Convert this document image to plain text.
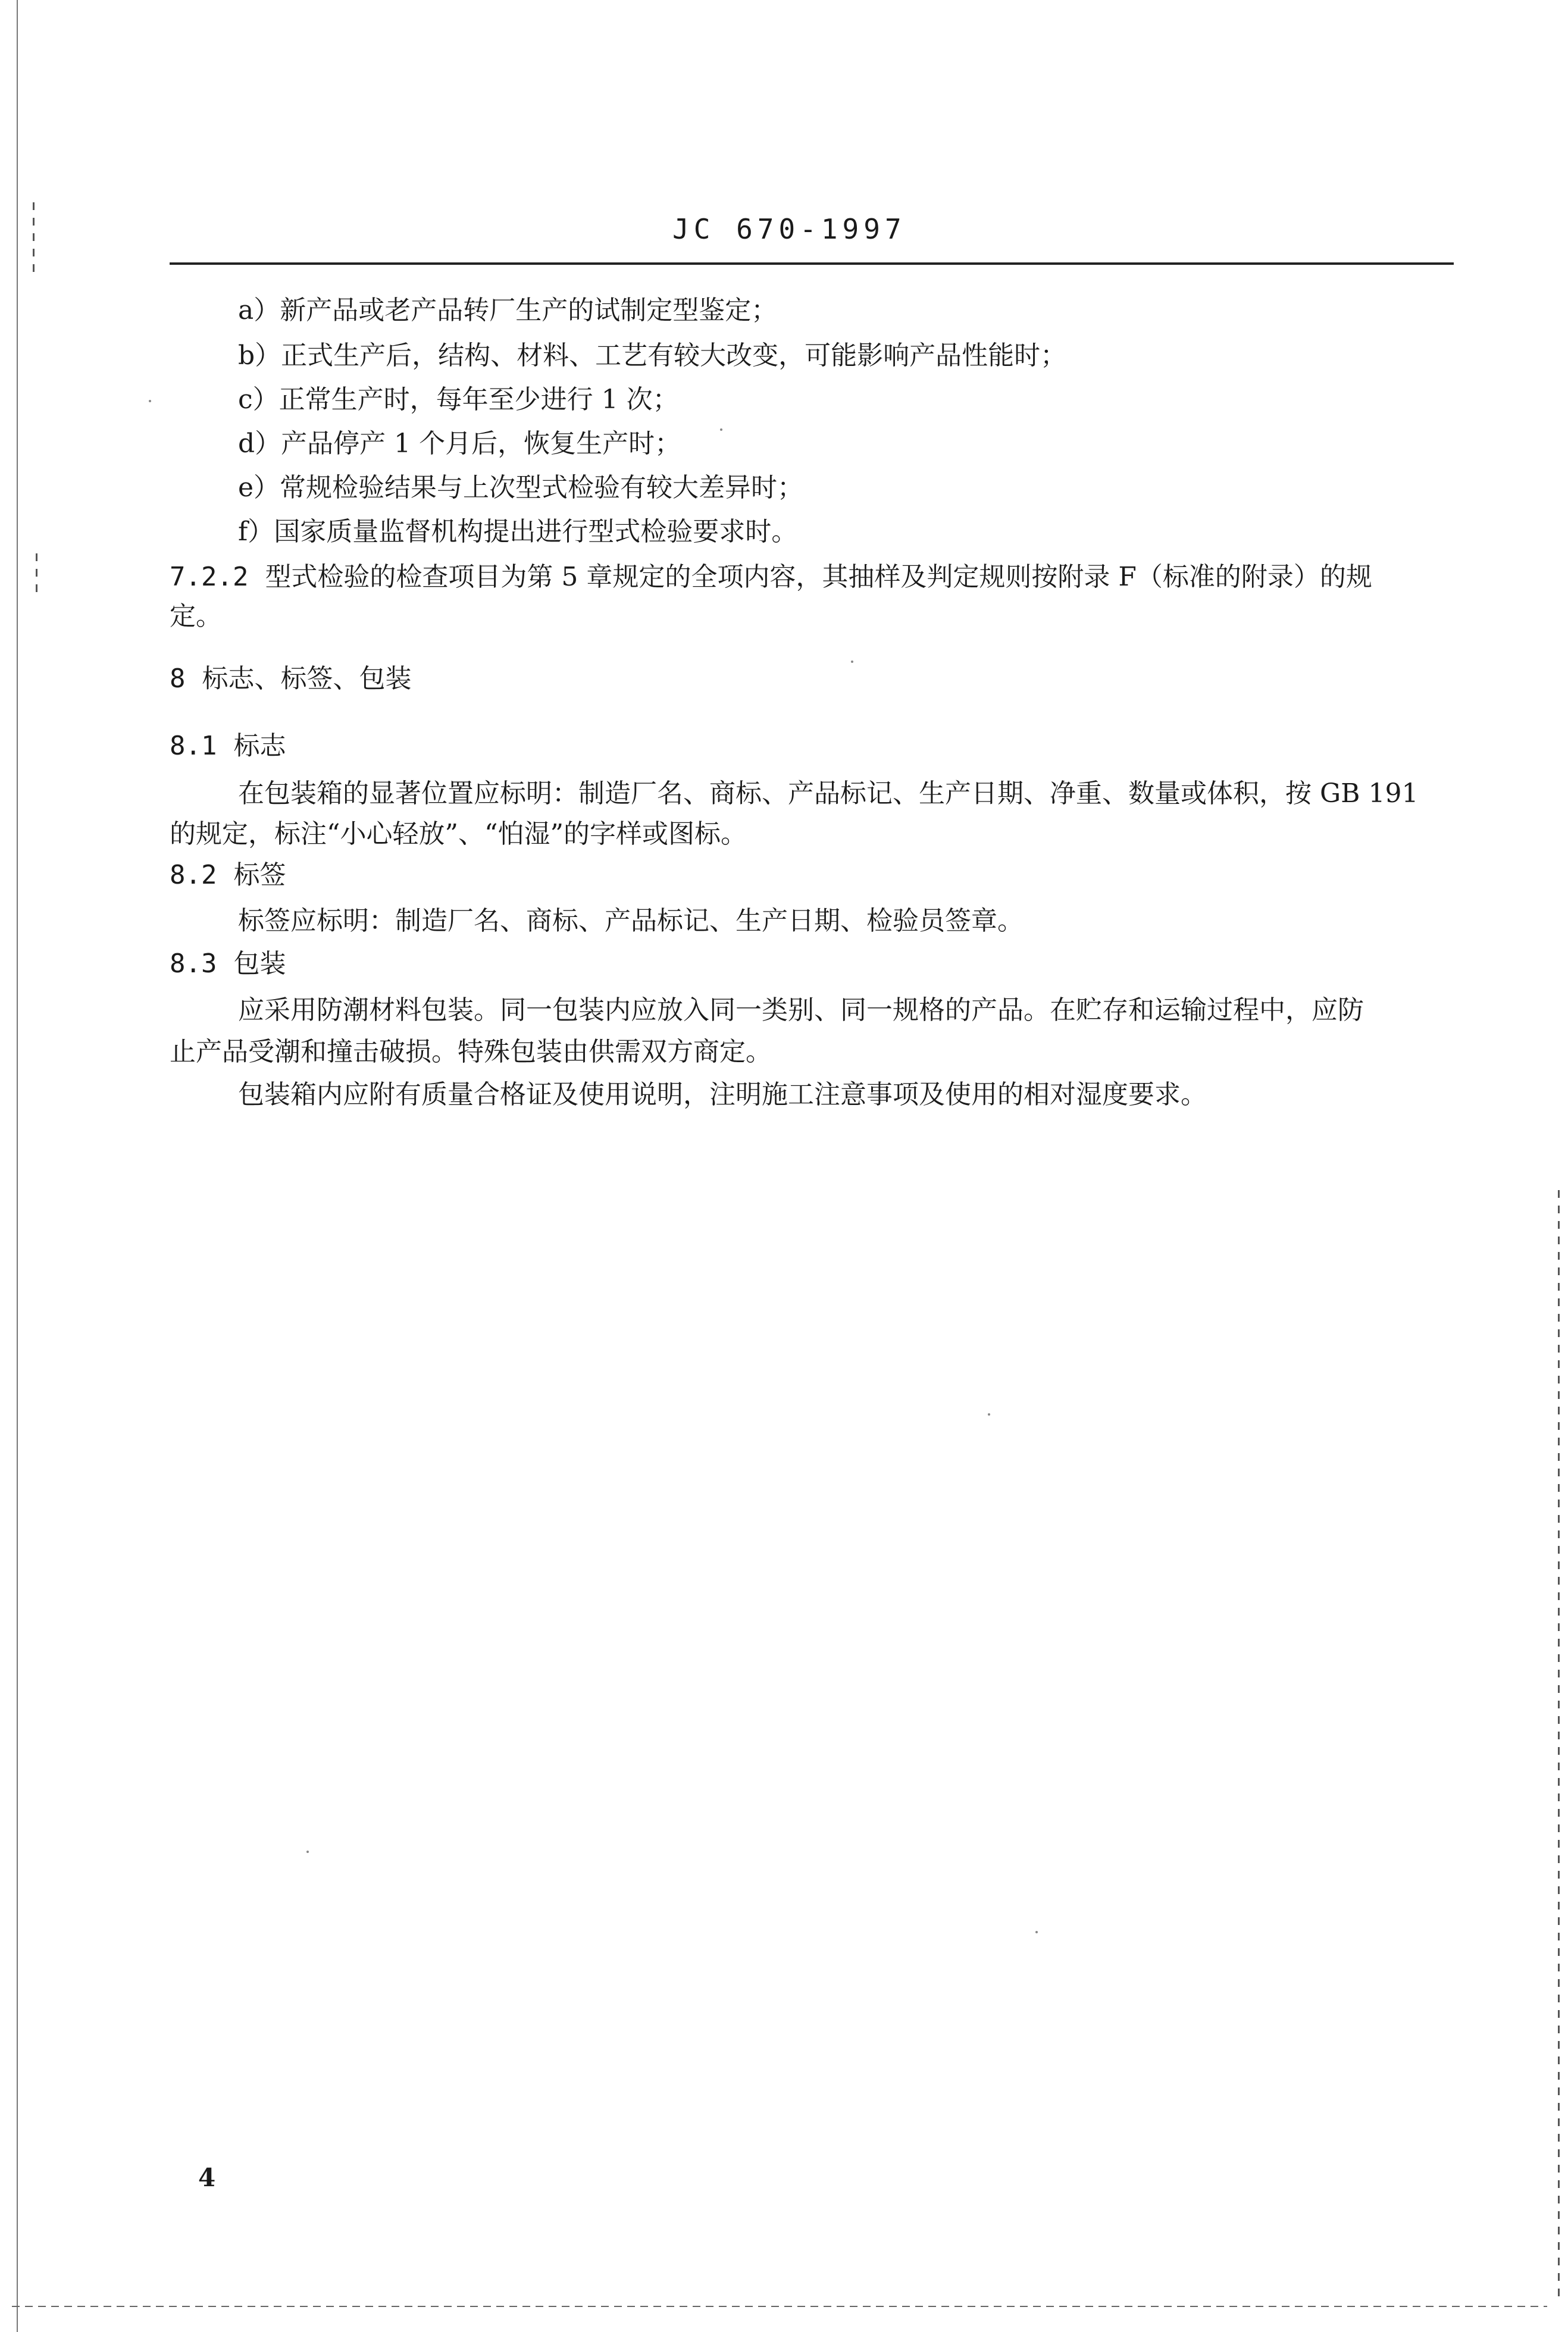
JC 670-1997
a）新产品或老产品转厂生产的试制定型鉴定；
b）正式生产后，结构、材料、工艺有较大改变，可能影响产品性能时；
c）正常生产时，每年至少进行 1 次；
d）产品停产 1 个月后，恢复生产时；
e）常规检验结果与上次型式检验有较大差异时；
f）国家质量监督机构提出进行型式检验要求时。
7.2.2 型式检验的检查项目为第 5 章规定的全项内容，其抽样及判定规则按附录 F（标准的附录）的规
定。
8 标志、标签、包装
8.1 标志
在包装箱的显著位置应标明：制造厂名、商标、产品标记、生产日期、净重、数量或体积，按 GB 191
的规定，标注“小心轻放”、“怕湿”的字样或图标。
8.2 标签
标签应标明：制造厂名、商标、产品标记、生产日期、检验员签章。
8.3 包装
应采用防潮材料包装。同一包装内应放入同一类别、同一规格的产品。在贮存和运输过程中，应防
止产品受潮和撞击破损。特殊包装由供需双方商定。
包装箱内应附有质量合格证及使用说明，注明施工注意事项及使用的相对湿度要求。
4
